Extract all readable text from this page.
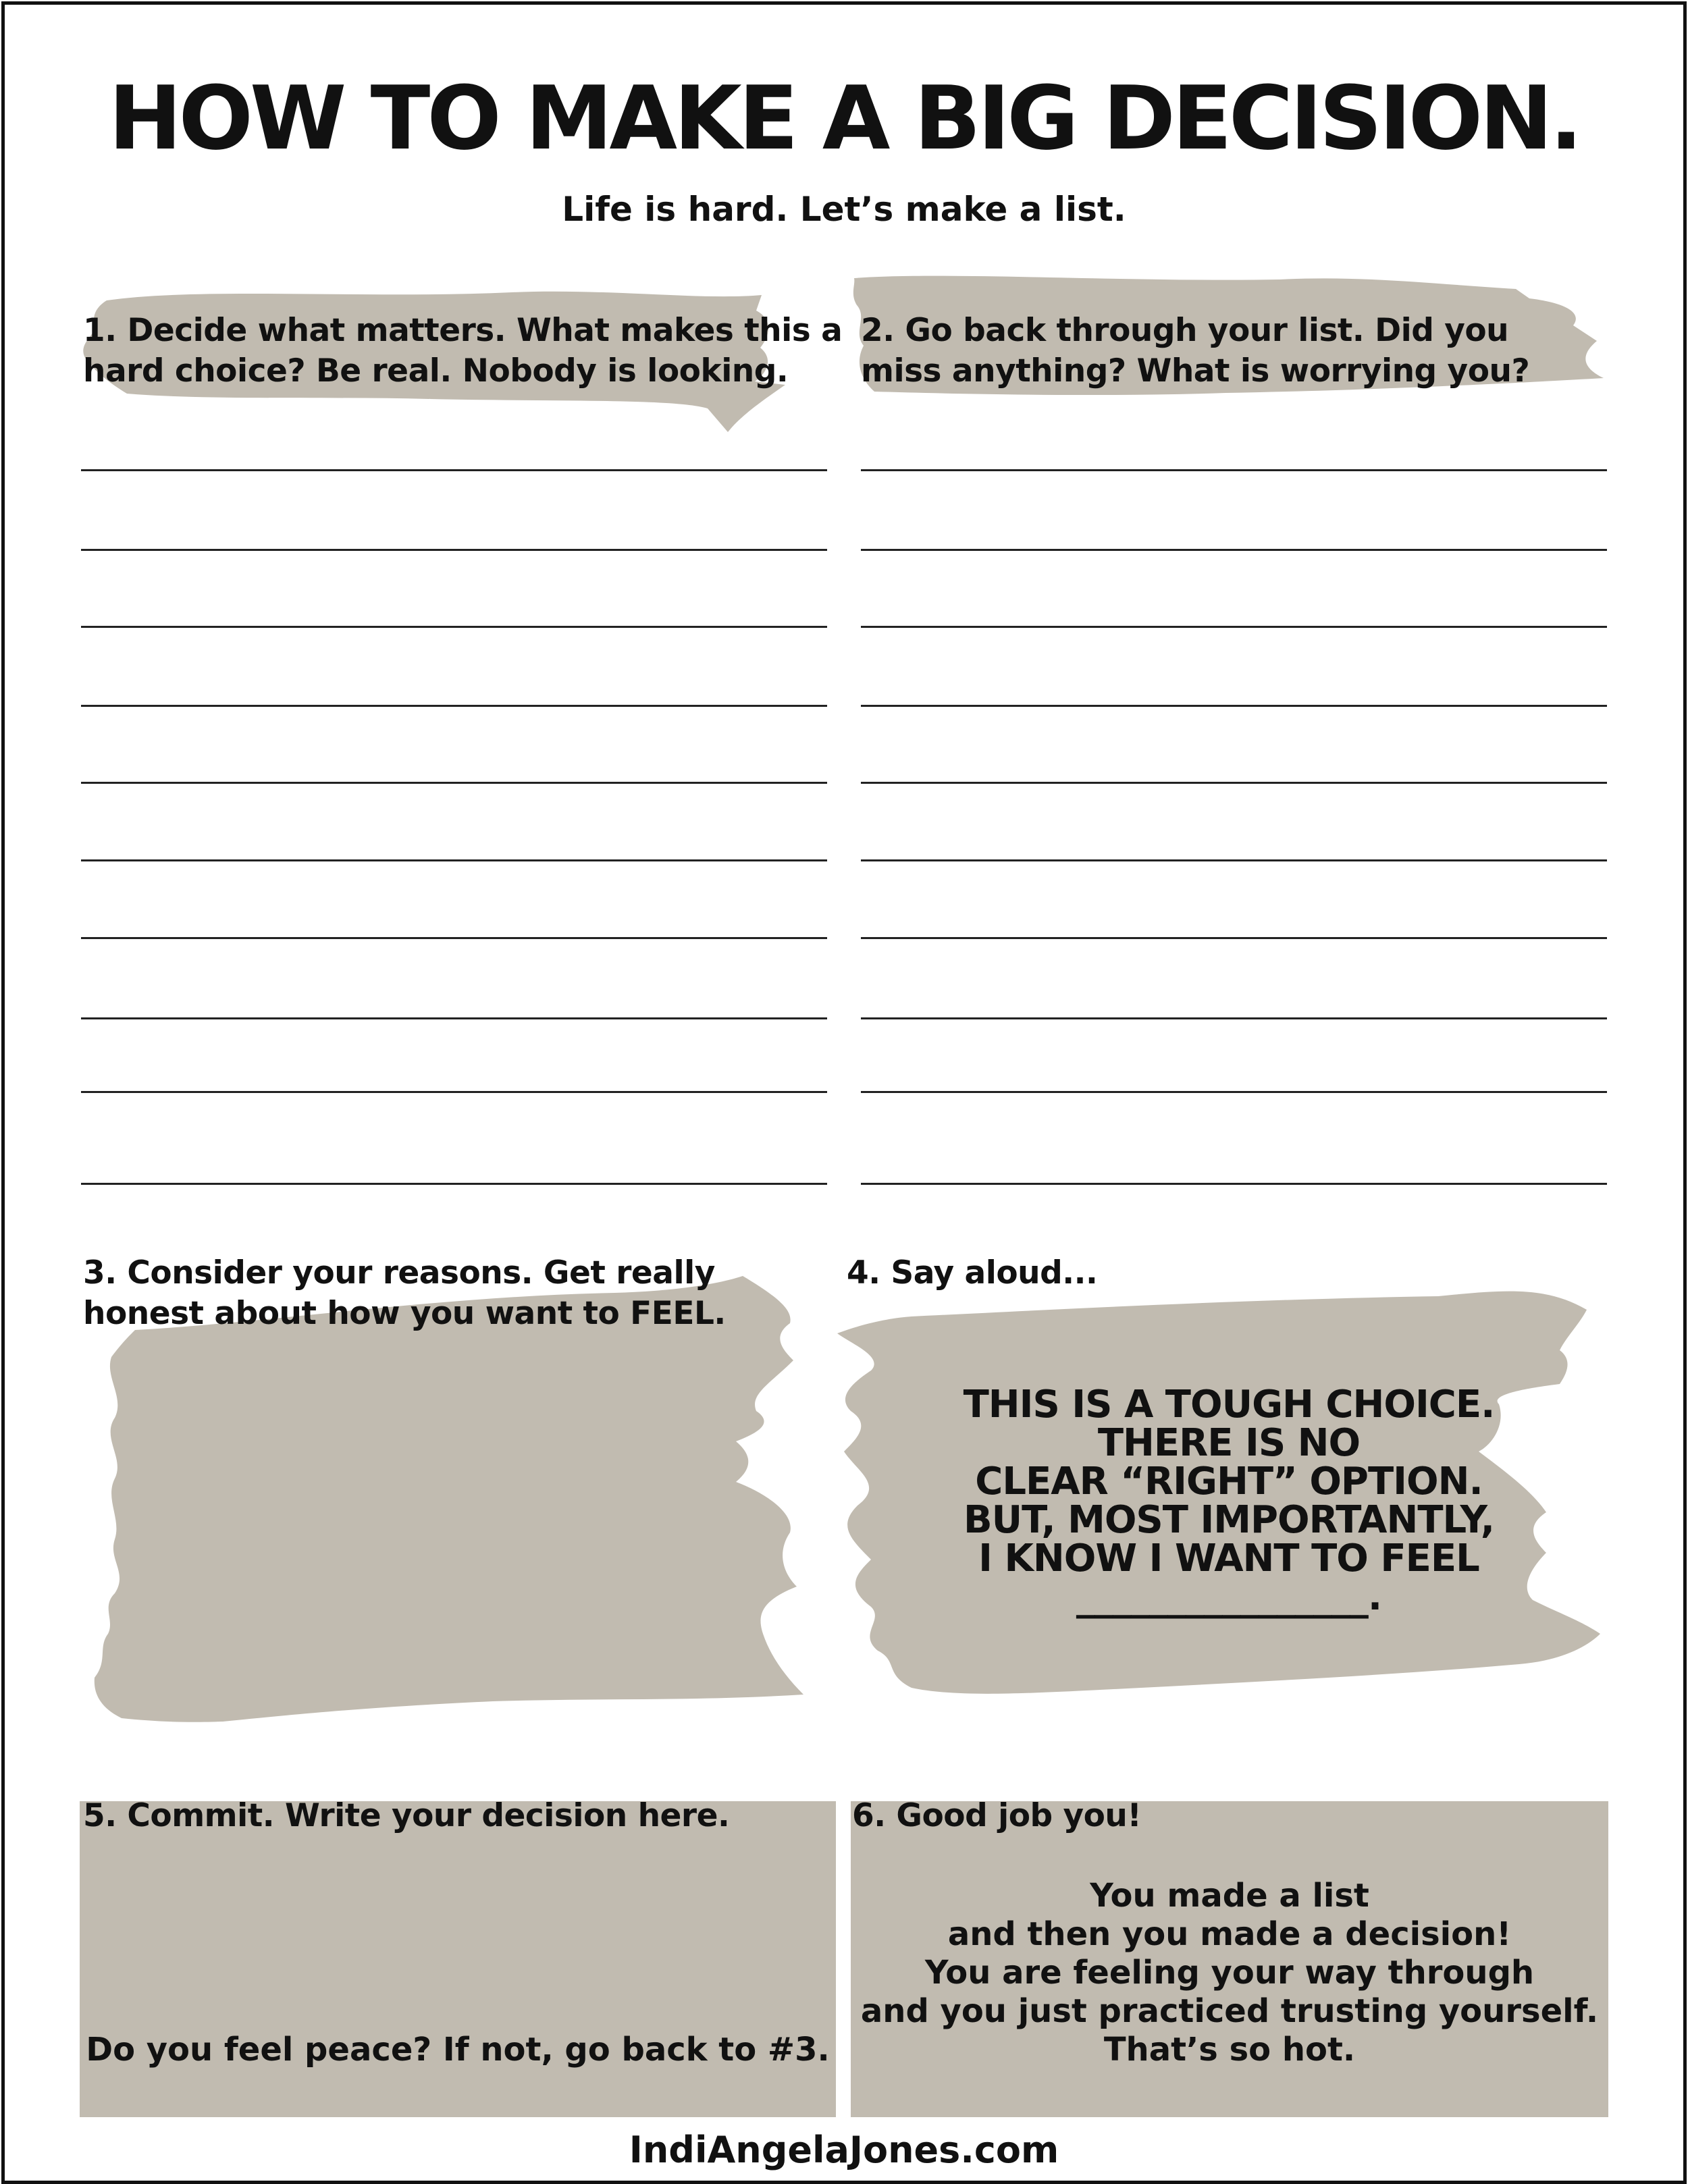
HOW TO MAKE A BIG DECISION.
Life is hard. Let’s make a list.
1. Decide what matters. What makes this a
hard choice? Be real. Nobody is looking.
2. Go back through your list. Did you
miss anything? What is worrying you?
3. Consider your reasons. Get really
honest about how you want to FEEL.
4. Say aloud...
THIS IS A TOUGH CHOICE.
THERE IS NO
CLEAR “RIGHT” OPTION.
BUT, MOST IMPORTANTLY,
I KNOW I WANT TO FEEL
________________.
5. Commit. Write your decision here.
Do you feel peace? If not, go back to #3.
6. Good job you!
You made a list
and then you made a decision!
You are feeling your way through
and you just practiced trusting yourself.
That’s so hot.
IndiAngelaJones.com
